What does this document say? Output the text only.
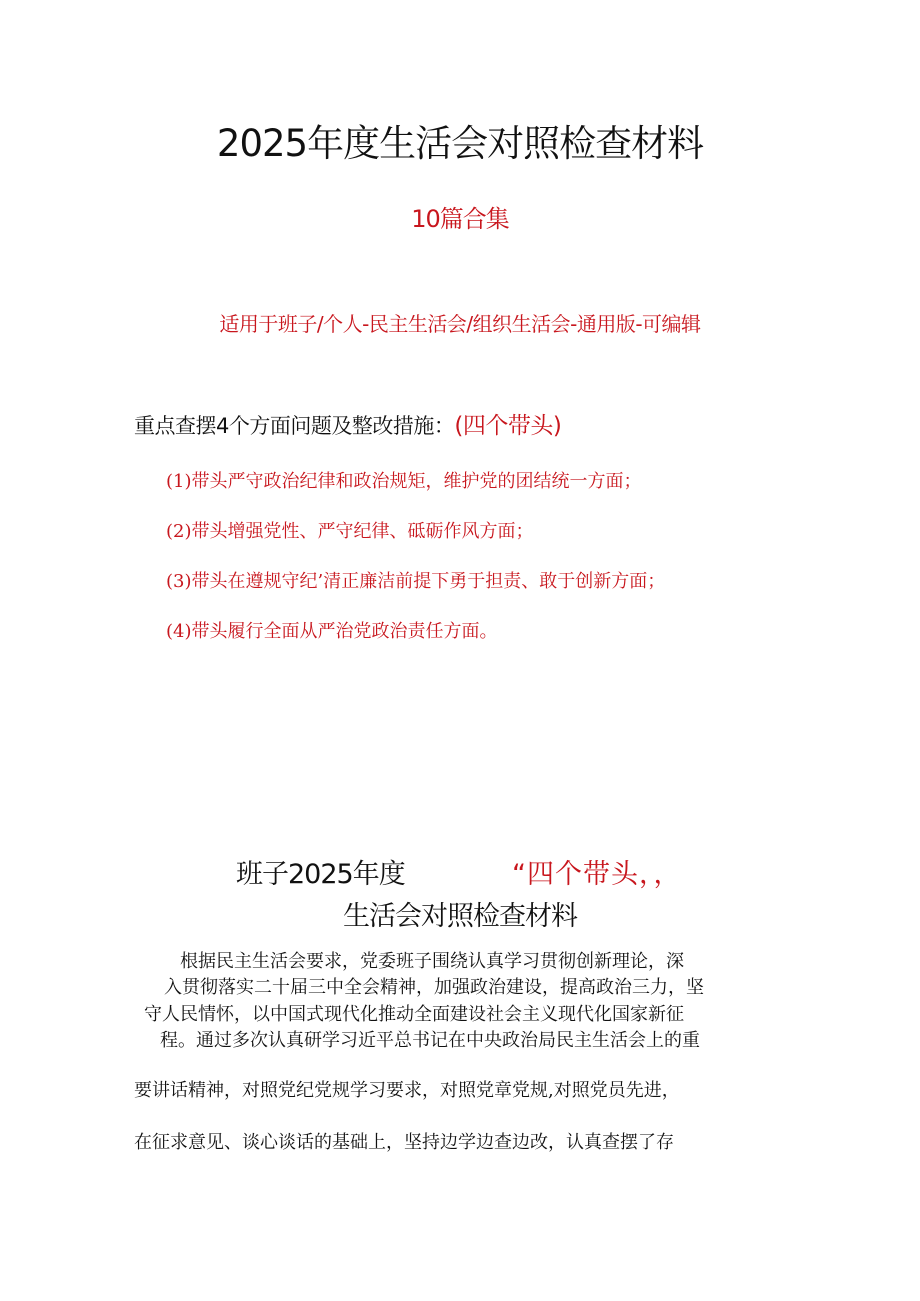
2025年度生活会对照检查材料
10篇合集
适用于班子/个人-民主生活会/组织生活会-通用版-可编辑
重点查摆4个方面问题及整改措施：(四个带头)
(1)带头严守政治纪律和政治规矩，维护党的团结统一方面；
(2)带头增强党性、严守纪律、砥砺作风方面；
(3)带头在遵规守纪’清正廉洁前提下勇于担责、敢于创新方面；
(4)带头履行全面从严治党政治责任方面。
班子2025年度	“四个带头，，
生活会对照检查材料
根据民主生活会要求，党委班子围绕认真学习贯彻创新理论，深
入贯彻落实二十届三中全会精神，加强政治建设，提高政治三力，坚
守人民情怀，以中国式现代化推动全面建设社会主义现代化国家新征
程。通过多次认真研学习近平总书记在中央政治局民主生活会上的重
要讲话精神，对照党纪党规学习要求，对照党章党规,对照党员先进，
在征求意见、谈心谈话的基础上，坚持边学边查边改，认真查摆了存
